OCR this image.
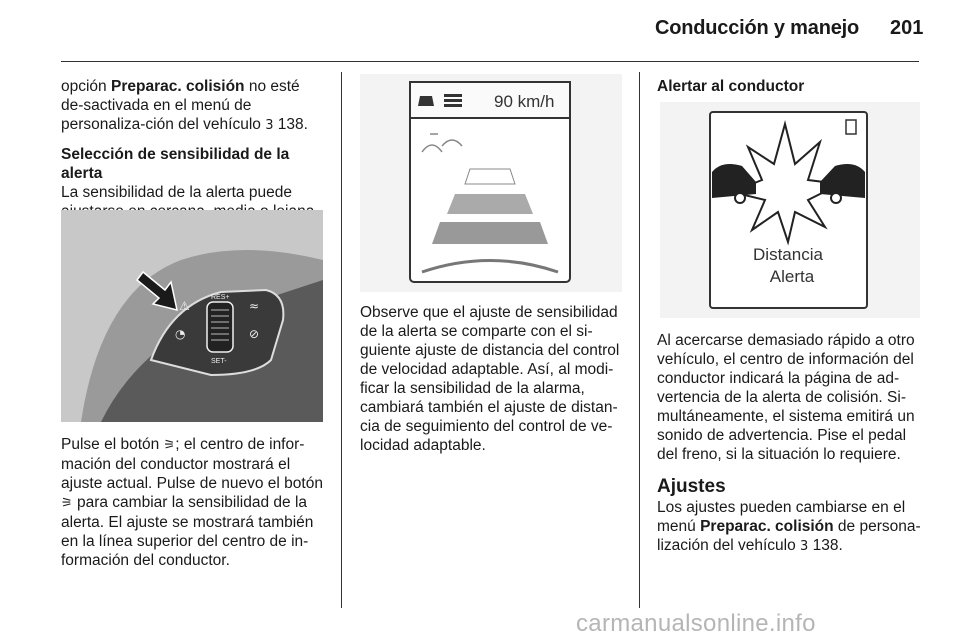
Conducción y manejo 201

opción Preparac. colisión no esté de-sactivada en el menú de personaliza-ción del vehículo 3 138.

Selección de sensibilidad de la alerta

La sensibilidad de la alerta puede

RES+
SET-
⚠
◔
≈
⊘

Pulse el botón ⚞; el centro de infor-mación del conductor mostrará el ajuste actual. Pulse de nuevo el botón ⚞ para cambiar la sensibilidad de la alerta. El ajuste se mostrará también en la línea superior del centro de in-formación del conductor.

90 km/h

Observe que el ajuste de sensibilidad de la alerta se comparte con el si-guiente ajuste de distancia del control de velocidad adaptable. Así, al modi-ficar la sensibilidad de la alarma, cambiará también el ajuste de distan-cia de seguimiento del control de ve-locidad adaptable.

Alertar al conductor

Distancia
Alerta

Al acercarse demasiado rápido a otro vehículo, el centro de información del conductor indicará la página de ad-vertencia de la alerta de colisión. Si-multáneamente, el sistema emitirá un sonido de advertencia. Pise el pedal del freno, si la situación lo requiere.

Ajustes

Los ajustes pueden cambiarse en el menú Preparac. colisión de persona-lización del vehículo 3 138.

carmanualsonline.info
